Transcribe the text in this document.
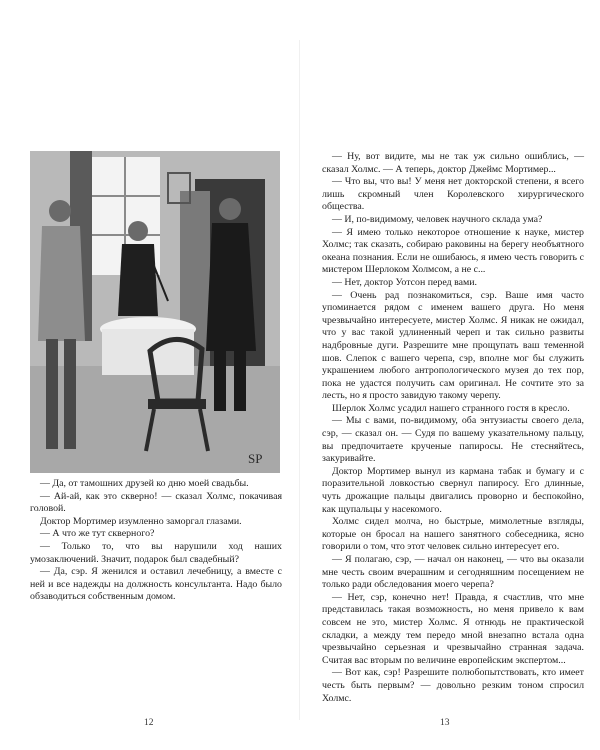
SP

— Да, от тамошних друзей ко дню моей свадьбы.

— Ай-ай, как это скверно! — сказал Холмс, покачивая головой.

Доктор Мортимер изумленно заморгал глазами.

— А что же тут скверного?

— Только то, что вы нарушили ход наших умозаключений. Значит, подарок был свадебный?

— Да, сэр. Я женился и оставил лечебницу, а вместе с ней и все надежды на должность консультанта. Надо было обзаводиться собственным домом.

12

— Ну, вот видите, мы не так уж сильно ошиблись, — сказал Холмс. — А теперь, доктор Джеймс Мортимер...

— Что вы, что вы! У меня нет докторской степени, я всего лишь скромный член Королевского хирургического общества.

— И, по-видимому, человек научного склада ума?

— Я имею только некоторое отношение к науке, мистер Холмс; так сказать, собираю раковины на берегу необъятного океана познания. Если не ошибаюсь, я имею честь говорить с мистером Шерлоком Холмсом, а не с...

— Нет, доктор Уотсон перед вами.

— Очень рад познакомиться, сэр. Ваше имя часто упоминается рядом с именем вашего друга. Но меня чрезвычайно интересуете, мистер Холмс. Я никак не ожидал, что у вас такой удлиненный череп и так сильно развиты надбровные дуги. Разрешите мне прощупать ваш теменной шов. Слепок с вашего черепа, сэр, вполне мог бы служить украшением любого антропологического музея до тех пор, пока не удастся получить сам оригинал. Не сочтите это за лесть, но я просто завидую такому черепу.

Шерлок Холмс усадил нашего странного гостя в кресло.

— Мы с вами, по-видимому, оба энтузиасты своего дела, сэр, — сказал он. — Судя по вашему указательному пальцу, вы предпочитаете крученые папиросы. Не стесняйтесь, закуривайте.

Доктор Мортимер вынул из кармана табак и бумагу и с поразительной ловкостью свернул папиросу. Его длинные, чуть дрожащие пальцы двигались проворно и беспокойно, как щупальцы у насекомого.

Холмс сидел молча, но быстрые, мимолетные взгляды, которые он бросал на нашего занятного собеседника, ясно говорили о том, что этот человек сильно интересует его.

— Я полагаю, сэр, — начал он наконец, — что вы оказали мне честь своим вчерашним и сегодняшним посещением не только ради обследования моего черепа?

— Нет, сэр, конечно нет! Правда, я счастлив, что мне представилась такая возможность, но меня привело к вам совсем не это, мистер Холмс. Я отнюдь не практической складки, а между тем передо мной внезапно встала одна чрезвычайно серьезная и чрезвычайно странная задача. Считая вас вторым по величине европейским экспертом...

— Вот как, сэр! Разрешите полюбопытствовать, кто имеет честь быть первым? — довольно резким тоном спросил Холмс.

13
